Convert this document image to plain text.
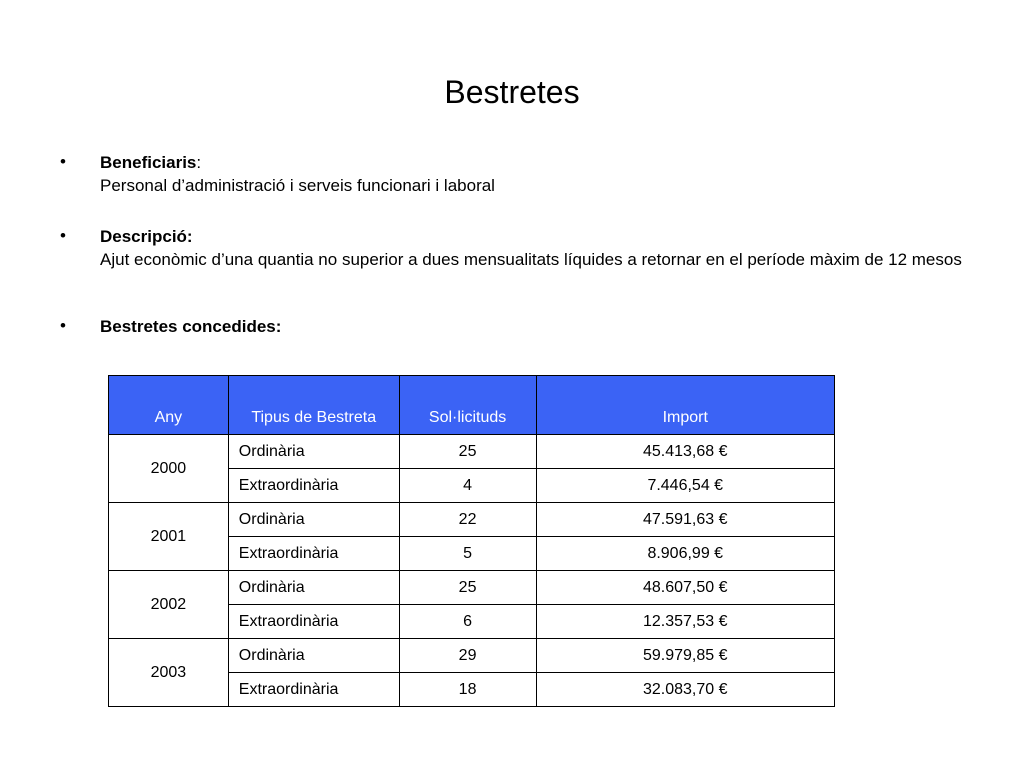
Bestretes
• Beneficiaris:
Personal d’administració i serveis funcionari i laboral
• Descripció:
Ajut econòmic d’una quantia no superior a dues mensualitats líquides a retornar en el període màxim de 12 mesos
• Bestretes concedides:
Any	Tipus de Bestreta	Sol·licituds	Import
2000	Ordinària	25	45.413,68 €
	Extraordinària	4	7.446,54 €
2001	Ordinària	22	47.591,63 €
	Extraordinària	5	8.906,99 €
2002	Ordinària	25	48.607,50 €
	Extraordinària	6	12.357,53 €
2003	Ordinària	29	59.979,85 €
	Extraordinària	18	32.083,70 €
